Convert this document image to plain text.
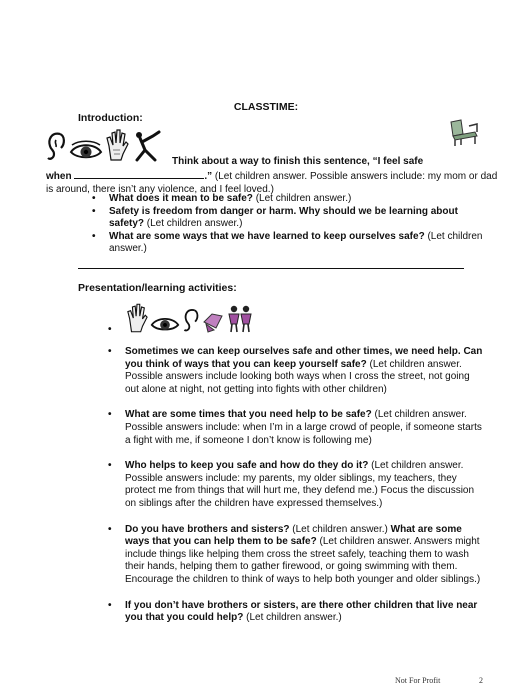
CLASSTIME:
Introduction:
Think about a way to finish this sentence, “I feel safe
when	.” (Let children answer. Possible answers include: my mom or dad is around, there isn’t any violence, and I feel loved.)
• What does it mean to be safe? (Let children answer.)
• Safety is freedom from danger or harm. Why should we be learning about safety? (Let children answer.)
• What are some ways that we have learned to keep ourselves safe? (Let children answer.)
Presentation/learning activities:
•
• Sometimes we can keep ourselves safe and other times, we need help. Can you think of ways that you can keep yourself safe? (Let children answer. Possible answers include looking both ways when I cross the street, not going out alone at night, not getting into fights with other children)
• What are some times that you need help to be safe? (Let children answer. Possible answers include: when I’m in a large crowd of people, if someone starts a fight with me, if someone I don’t know is following me)
• Who helps to keep you safe and how do they do it? (Let children answer. Possible answers include: my parents, my older siblings, my teachers, they protect me from things that will hurt me, they defend me.) Focus the discussion on siblings after the children have expressed themselves.)
• Do you have brothers and sisters? (Let children answer.) What are some ways that you can help them to be safe? (Let children answer. Answers might include things like helping them cross the street safely, teaching them to wash their hands, helping them to gather firewood, or going swimming with them. Encourage the children to think of ways to help both younger and older siblings.)
• If you don’t have brothers or sisters, are there other children that live near you that you could help? (Let children answer.)
Not For Profit	2
